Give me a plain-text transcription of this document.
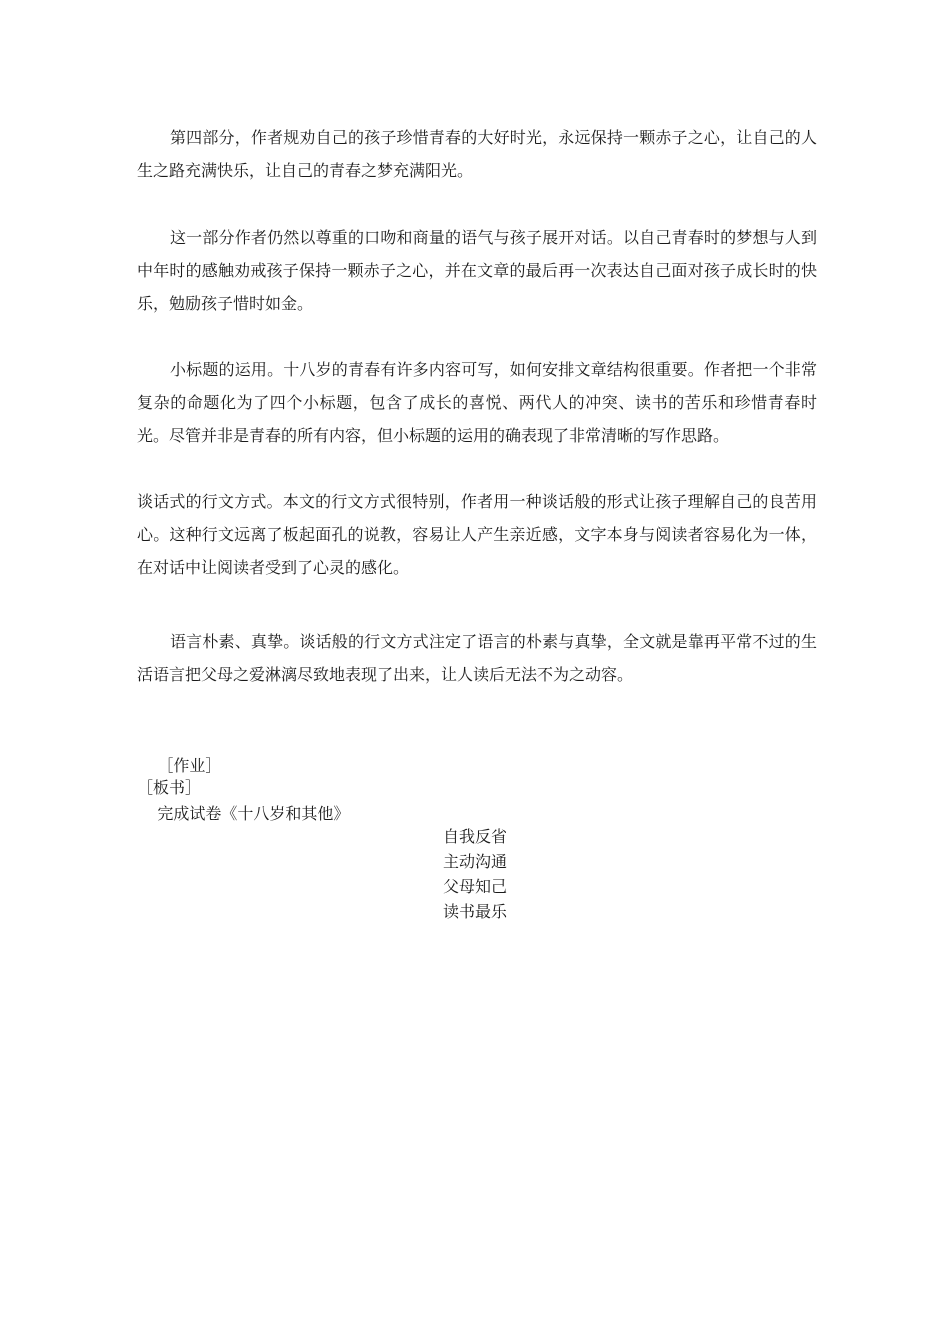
第四部分，作者规劝自己的孩子珍惜青春的大好时光，永远保持一颗赤子之心，让自己的人生之路充满快乐，让自己的青春之梦充满阳光。

这一部分作者仍然以尊重的口吻和商量的语气与孩子展开对话。以自己青春时的梦想与人到中年时的感触劝戒孩子保持一颗赤子之心，并在文章的最后再一次表达自己面对孩子成长时的快乐，勉励孩子惜时如金。

小标题的运用。十八岁的青春有许多内容可写，如何安排文章结构很重要。作者把一个非常复杂的命题化为了四个小标题，包含了成长的喜悦、两代人的冲突、读书的苦乐和珍惜青春时光。尽管并非是青春的所有内容，但小标题的运用的确表现了非常清晰的写作思路。

谈话式的行文方式。本文的行文方式很特别，作者用一种谈话般的形式让孩子理解自己的良苦用心。这种行文远离了板起面孔的说教，容易让人产生亲近感，文字本身与阅读者容易化为一体，在对话中让阅读者受到了心灵的感化。

语言朴素、真挚。谈话般的行文方式注定了语言的朴素与真挚，全文就是靠再平常不过的生活语言把父母之爱淋漓尽致地表现了出来，让人读后无法不为之动容。

［作业］

完成试卷《十八岁和其他》

［板书］
自我反省
主动沟通
父母知己
读书最乐
